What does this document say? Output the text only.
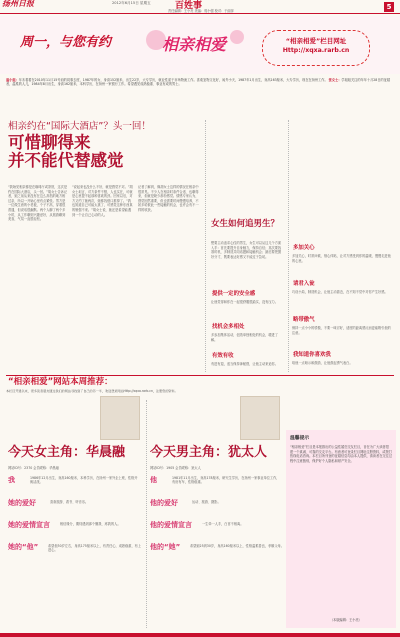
扬州日报	2012年6月15日 星期五	百姓事
责任编辑：王小亮 美编：郭小强 校对：于丽萍	5
周一，与您有约	相亲相爱	“相亲相爱”栏目网址
Http://xqxa.rarb.cn
温小姐：年末看着在2010年11月15号前的同事去度，1987年的女，身高152厘米，出生22岁，大专学历，就业性质于市场物流工作。喜欢宠物文化好，闲外小天，1987年1月出生，身高163厘米，大专学历，现在在扬州工作。 张女士：学姐姐关注的年年十月28日的征婚者，温柔的人儿，1984年8月出生，身高162厘米，本科学历，在扬州一家银行工作。希望遇见成熟稳重、事业有成的男士。
相亲约在“国际大酒店”？头一回！
可惜聊得来
并不能代替感觉
“我始见相亲都是在咖啡厅或茶馆，这次是约在国际大酒店，头一回。”胡女士告诉记者，她之前从来没有在这么高档的地方相过亲，所以一开始心里有点紧张。男方是一位做生意的小老板，个子不高，穿着很普通，但说话很幽默。两个人聊了两个多小时，从工作聊到兴趣爱好，从旅游聊到美食，气氛一直很轻松。
“说起来也没什么不好，就是感觉不对。”胡女士坦言，对方条件不错，人也实在，可就是心里提不起那种喜欢的劲。回家以后，对方又约了她两次，她都找借口推掉了。“我也知道自己可能太挑了，可感觉这种东西真的勉强不来。”胡女士说，她还是希望能遇到一个让自己心动的人。
记者了解到，像胡女士这样的情况在相亲中很常见。不少人在相亲时条件合适、也聊得来，但就是缺少那份感觉。情感专家认为，感觉固然重要，但也需要时间慢慢培养，不妨多给彼此一些接触的机会，也许会有不一样的收获。
女生如何追男生？
想要主动追求心仪的男生，女生可以从这几个方面入手：首先要提升自身魅力，保持自信；其次要找准时机，多制造共同话题和接触机会；最后要把握好分寸，既要表达好感又不能过于急切。
提供一定的安全感
让他觉得和你在一起很舒服很踏实，没有压力。
找机会多相处
多参加集体活动，创造单独相处的机会，增进了解。
有效有收
有进有退，适当保持神秘感，让他主动来追你。
多加关心
多加关心，时常问候，细心体贴，让对方感受到你的温暖，慢慢走进他的心里。
请君入瓮
巧设小局，制造机会，让他主动靠近，在不知不觉中对你产生好感。
略带傲气
保持一点小小的骄傲，不要一味讨好，适度的距离感反而更能吸引他的注意。
我知道你喜欢我
给他一点暗示和鼓励，让他鼓起勇气表白。
“相亲相爱”网站本周推荐：
本栏目开通以来，很多读者朋友通过我们的网站寻找到了自己的另一半，欢迎登录网站Http://xqxa.rarb.cn，注册您的资料。
今天女主角：华晨融
网站ID号：2370 会员昵称：华晨融
我	1986年12月出生，身高160厘米，本科学历，在扬州一家外企上班，性格开朗活泼。
她的爱好	喜欢旅游、看书、听音乐。
她的爱情宣言	相信缘分，期待遇到那个懂我、疼我的人。
她的“他”	希望他30岁左右，身高175厘米以上，有责任心，成熟稳重，有上进心。
今天男主角：犹太人
网站ID号：1905 会员昵称：犹太人
他	1981年11月出生，身高178厘米，研究生学历，在扬州一家事业单位工作，有房有车，性格稳重。
他的爱好	运动、旅游、摄影。
他的爱情宣言	一生牵一人手，白首不相离。
他的“她”	希望她25到30岁，身高160厘米以上，性格温柔善良，孝顺父母。
温馨提示
“相亲相爱”栏目是本报推出的公益性婚恋交友栏目，旨在为广大读者搭建一个真诚、可靠的交友平台。有意者可登录栏目网址注册资料，或拨打热线电话咨询。本栏目所刊登的征婚信息均由本人提供，请读者在交往过程中注意甄别，保护好个人隐私和财产安全。
（本版编辑：王小亮）
